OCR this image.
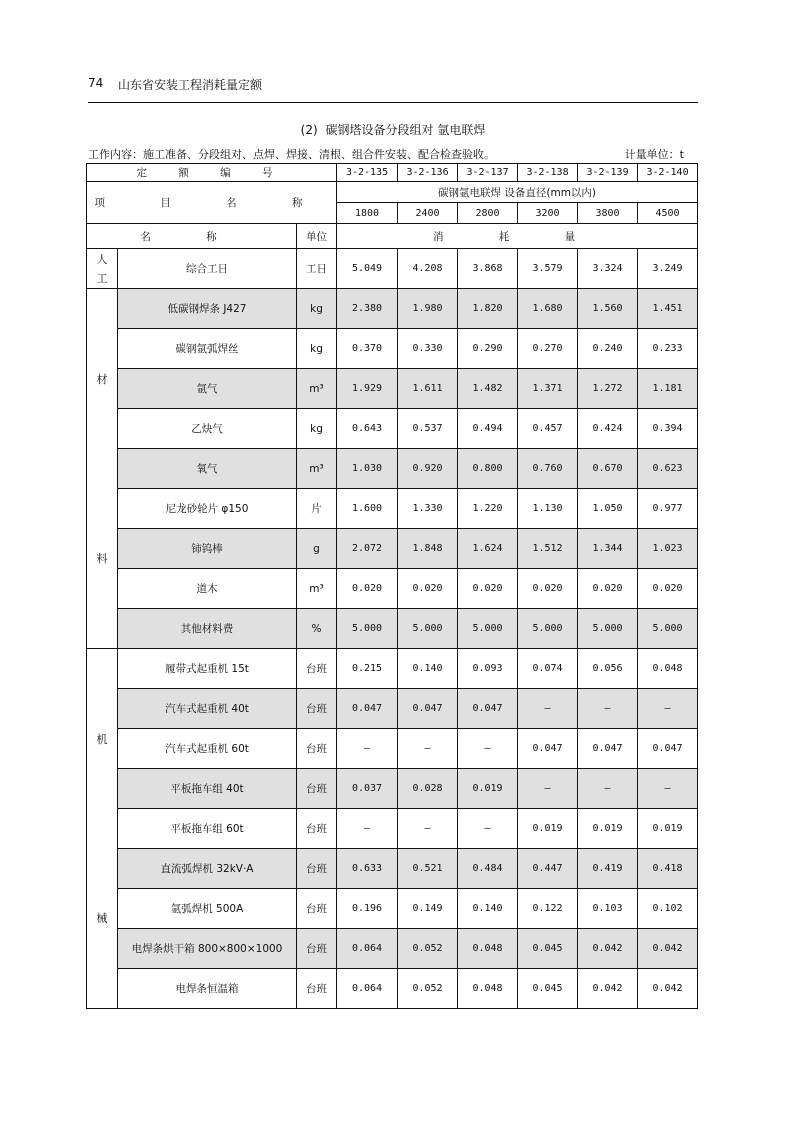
74 山东省安装工程消耗量定额
(2) 碳钢塔设备分段组对 氩电联焊
工作内容：施工准备、分段组对、点焊、焊接、清根、组合件安装、配合检查验收。	计量单位：t
定 额 编 号			3-2-135	3-2-136	3-2-137	3-2-138	3-2-139	3-2-140
项 目 名 称			碳钢氩电联焊 设备直径(mm以内)					
			1800	2400	2800	3200	3800	4500
名 称		单位	消 耗 量					

人
工	综合工日	工日	5.049	4.208	3.868	3.579	3.324	3.249

材
料	低碳钢焊条 J427	kg	2.380	1.980	1.820	1.680	1.560	1.451
	碳钢氩弧焊丝	kg	0.370	0.330	0.290	0.270	0.240	0.233
	氩气	m³	1.929	1.611	1.482	1.371	1.272	1.181
	乙炔气	kg	0.643	0.537	0.494	0.457	0.424	0.394
	氧气	m³	1.030	0.920	0.800	0.760	0.670	0.623
	尼龙砂轮片 φ150	片	1.600	1.330	1.220	1.130	1.050	0.977
	铈钨棒	g	2.072	1.848	1.624	1.512	1.344	1.023
	道木	m³	0.020	0.020	0.020	0.020	0.020	0.020
	其他材料费	%	5.000	5.000	5.000	5.000	5.000	5.000

机
械	履带式起重机 15t	台班	0.215	0.140	0.093	0.074	0.056	0.048
	汽车式起重机 40t	台班	0.047	0.047	0.047	—	—	—
	汽车式起重机 60t	台班	—	—	—	0.047	0.047	0.047
	平板拖车组 40t	台班	0.037	0.028	0.019	—	—	—
	平板拖车组 60t	台班	—	—	—	0.019	0.019	0.019
	直流弧焊机 32kV·A	台班	0.633	0.521	0.484	0.447	0.419	0.418
	氩弧焊机 500A	台班	0.196	0.149	0.140	0.122	0.103	0.102
	电焊条烘干箱 800×800×1000	台班	0.064	0.052	0.048	0.045	0.042	0.042
	电焊条恒温箱	台班	0.064	0.052	0.048	0.045	0.042	0.042
